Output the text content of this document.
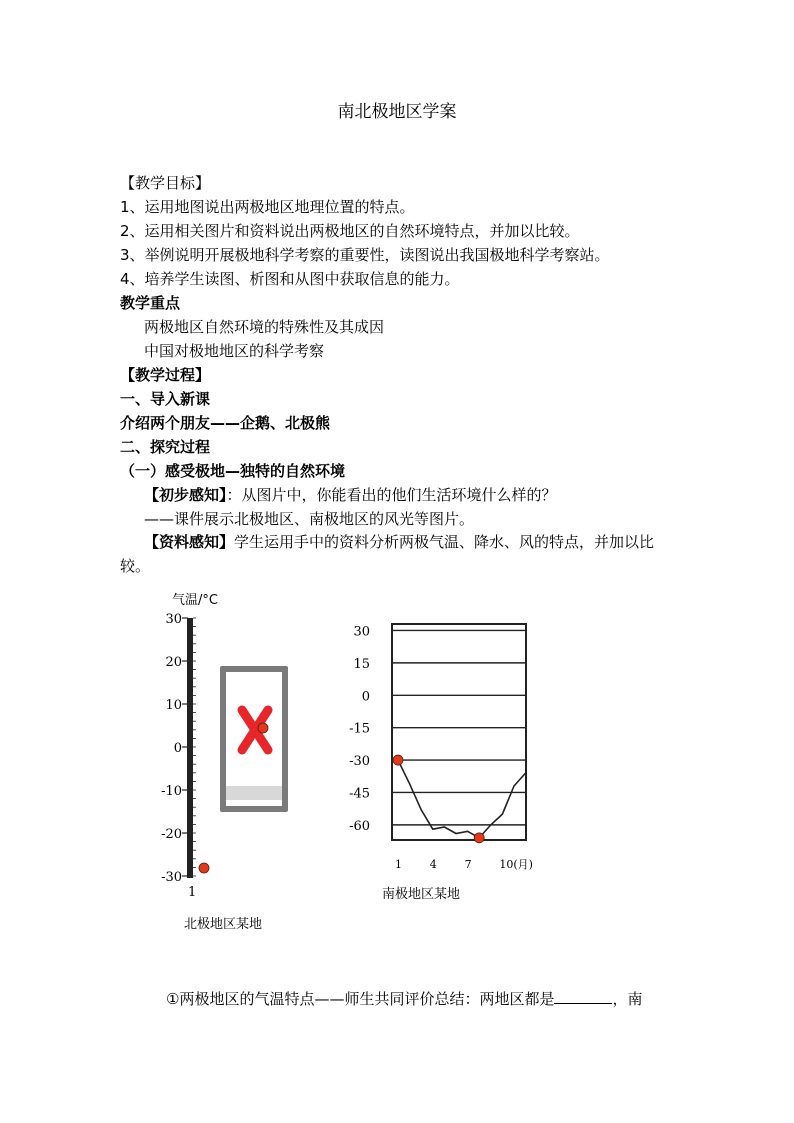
南北极地区学案
【教学目标】
1、运用地图说出两极地区地理位置的特点。
2、运用相关图片和资料说出两极地区的自然环境特点，并加以比较。
3、举例说明开展极地科学考察的重要性，读图说出我国极地科学考察站。
4、培养学生读图、析图和从图中获取信息的能力。
教学重点
两极地区自然环境的特殊性及其成因
中国对极地地区的科学考察
【教学过程】
一、导入新课
介绍两个朋友——企鹅、北极熊
二、探究过程
（一）感受极地—独特的自然环境
【初步感知】：从图片中，你能看出的他们生活环境什么样的？
——课件展示北极地区、南极地区的风光等图片。
【资料感知】学生运用手中的资料分析两极气温、降水、风的特点，并加以比较。
气温/°C
30
20
10
0
-10
-20
-30
1
北极地区某地
30
15
0
-15
-30
-45
-60
1	4	7	10(月)
南极地区某地
①两极地区的气温特点——师生共同评价总结：两地区都是	，南
